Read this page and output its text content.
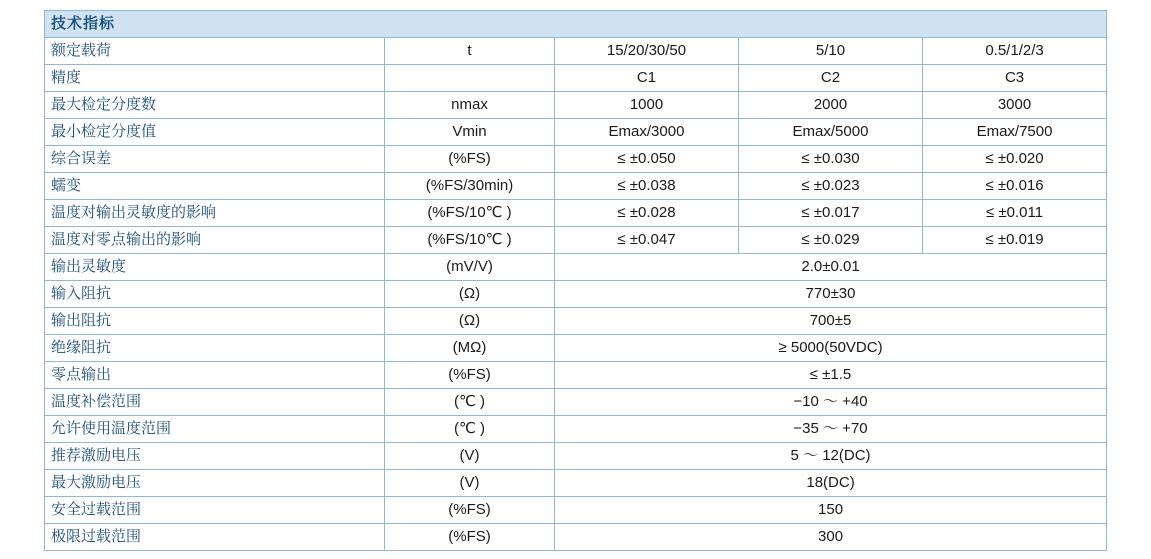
技术指标				
额定载荷	t	15/20/30/50	5/10	0.5/1/2/3
精度		C1	C2	C3
最大检定分度数	nmax	1000	2000	3000
最小检定分度值	Vmin	Emax/3000	Emax/5000	Emax/7500
综合误差	(%FS)	≤ ±0.050	≤ ±0.030	≤ ±0.020
蠕变	(%FS/30min)	≤ ±0.038	≤ ±0.023	≤ ±0.016
温度对输出灵敏度的影响	(%FS/10℃ )	≤ ±0.028	≤ ±0.017	≤ ±0.011
温度对零点输出的影响	(%FS/10℃ )	≤ ±0.047	≤ ±0.029	≤ ±0.019
输出灵敏度	(mV/V)	2.0±0.01		
输入阻抗	(Ω)	770±30		
输出阻抗	(Ω)	700±5		
绝缘阻抗	(MΩ)	≥ 5000(50VDC)		
零点输出	(%FS)	≤ ±1.5		
温度补偿范围	(℃ )	−10 ～ +40		
允许使用温度范围	(℃ )	−35 ～ +70		
推荐激励电压	(V)	5 ～ 12(DC)		
最大激励电压	(V)	18(DC)		
安全过载范围	(%FS)	150		
极限过载范围	(%FS)	300		
